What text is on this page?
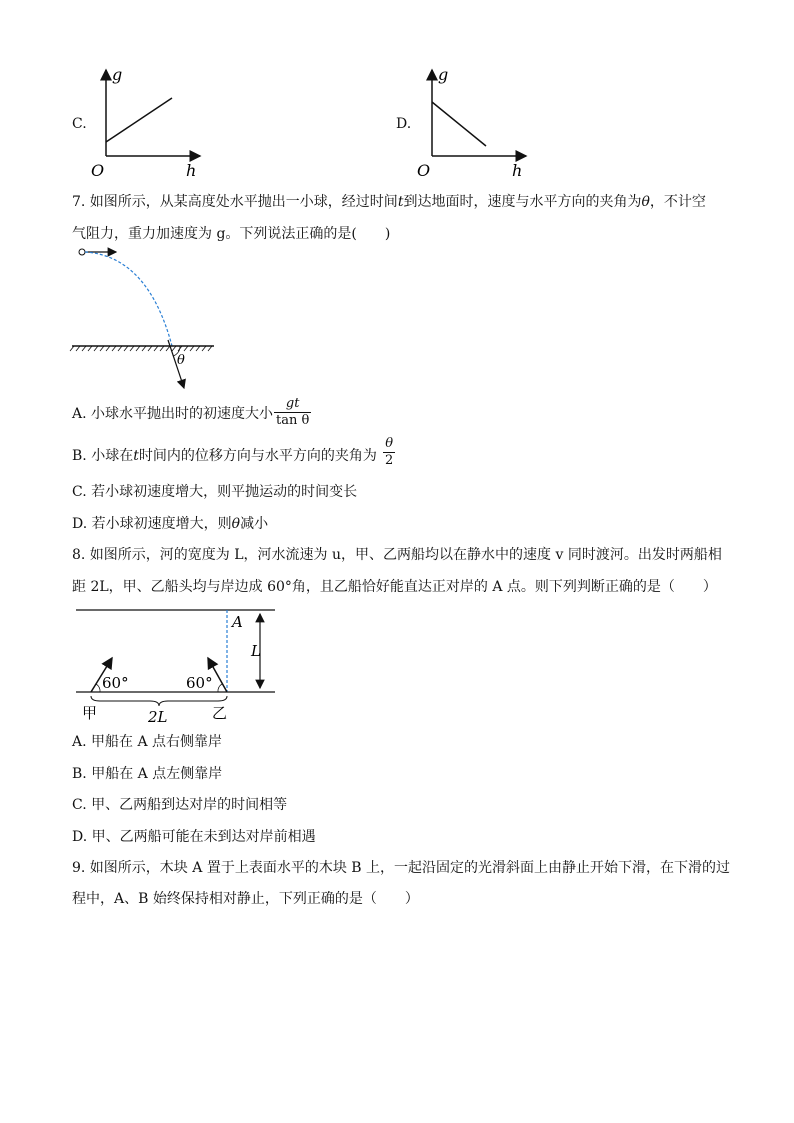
C.
g
h
O
D.
g
h
O
7. 如图所示，从某高度处水平抛出一小球，经过时间t到达地面时，速度与水平方向的夹角为θ，不计空
气阻力，重力加速度为 g。下列说法正确的是(　　)
θ
A. 小球水平抛出时的初速度大小 $\frac{gt}{\text{tan θ}}$
B. 小球在t时间内的位移方向与水平方向的夹角为 $\frac{\theta}{2}$
C. 若小球初速度增大，则平抛运动的时间变长
D. 若小球初速度增大，则θ减小
8. 如图所示，河的宽度为 L，河水流速为 u，甲、乙两船均以在静水中的速度 v 同时渡河。出发时两船相
距 2L，甲、乙船头均与岸边成 60°角，且乙船恰好能直达正对岸的 A 点。则下列判断正确的是（　　）
A
L
60°	60°
甲	2L	乙
A. 甲船在 A 点右侧靠岸
B. 甲船在 A 点左侧靠岸
C. 甲、乙两船到达对岸的时间相等
D. 甲、乙两船可能在未到达对岸前相遇
9. 如图所示，木块 A 置于上表面水平的木块 B 上，一起沿固定的光滑斜面上由静止开始下滑，在下滑的过
程中，A、B 始终保持相对静止，下列正确的是（　　）
